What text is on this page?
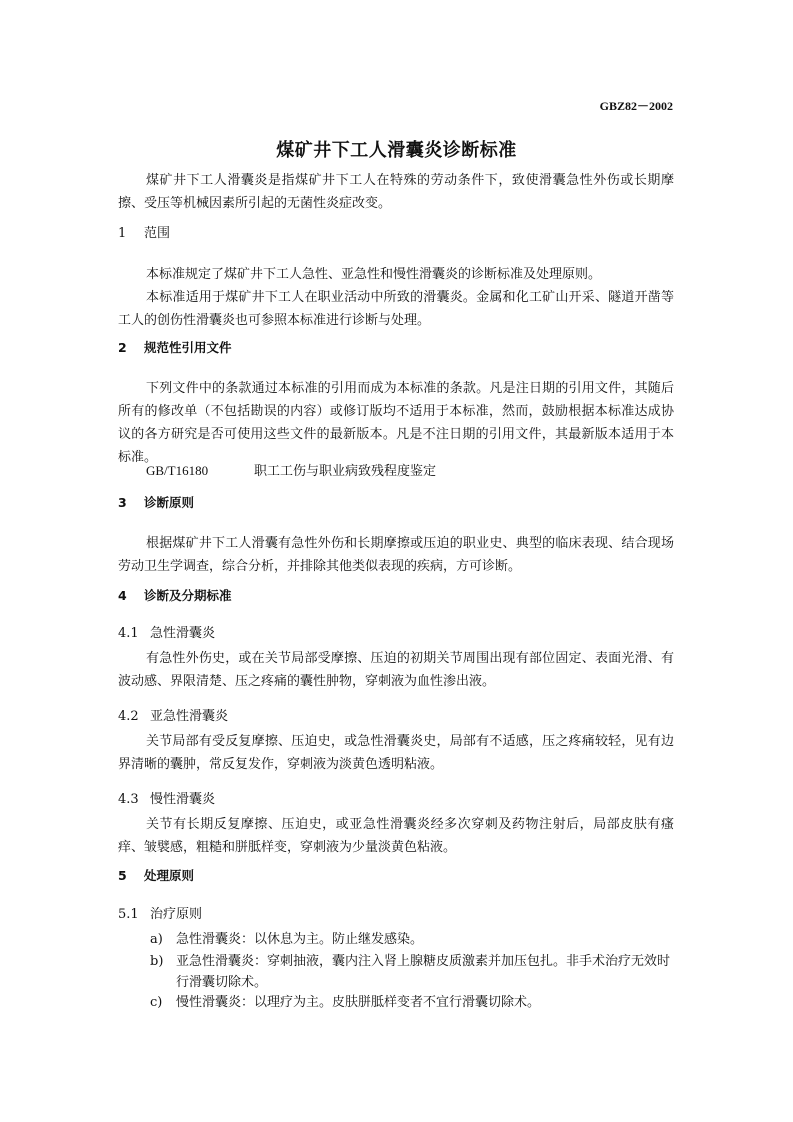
GBZ82－2002
煤矿井下工人滑囊炎诊断标准

煤矿井下工人滑囊炎是指煤矿井下工人在特殊的劳动条件下，致使滑囊急性外伤或长期摩擦、受压等机械因素所引起的无菌性炎症改变。

1 范围

本标准规定了煤矿井下工人急性、亚急性和慢性滑囊炎的诊断标准及处理原则。

本标准适用于煤矿井下工人在职业活动中所致的滑囊炎。金属和化工矿山开采、隧道开凿等工人的创伤性滑囊炎也可参照本标准进行诊断与处理。

2 规范性引用文件

下列文件中的条款通过本标准的引用而成为本标准的条款。凡是注日期的引用文件，其随后所有的修改单（不包括勘误的内容）或修订版均不适用于本标准，然而，鼓励根据本标准达成协议的各方研究是否可使用这些文件的最新版本。凡是不注日期的引用文件，其最新版本适用于本标准。

GB/T16180	职工工伤与职业病致残程度鉴定
3 诊断原则

根据煤矿井下工人滑囊有急性外伤和长期摩擦或压迫的职业史、典型的临床表现、结合现场劳动卫生学调查，综合分析，并排除其他类似表现的疾病，方可诊断。

4 诊断及分期标准
4.1 急性滑囊炎

有急性外伤史，或在关节局部受摩擦、压迫的初期关节周围出现有部位固定、表面光滑、有波动感、界限清楚、压之疼痛的囊性肿物，穿刺液为血性渗出液。

4.2 亚急性滑囊炎

关节局部有受反复摩擦、压迫史，或急性滑囊炎史，局部有不适感，压之疼痛较轻，见有边界清晰的囊肿，常反复发作，穿刺液为淡黄色透明粘液。

4.3 慢性滑囊炎

关节有长期反复摩擦、压迫史，或亚急性滑囊炎经多次穿刺及药物注射后，局部皮肤有瘙痒、皱襞感，粗糙和胼胝样变，穿刺液为少量淡黄色粘液。

5 处理原则
5.1 治疗原则
a)	急性滑囊炎：以休息为主。防止继发感染。
b) 亚急性滑囊炎：穿刺抽液，囊内注入肾上腺糖皮质激素并加压包扎。非手术治疗无效时行滑囊切除术。
c)	慢性滑囊炎：以理疗为主。皮肤胼胝样变者不宜行滑囊切除术。
